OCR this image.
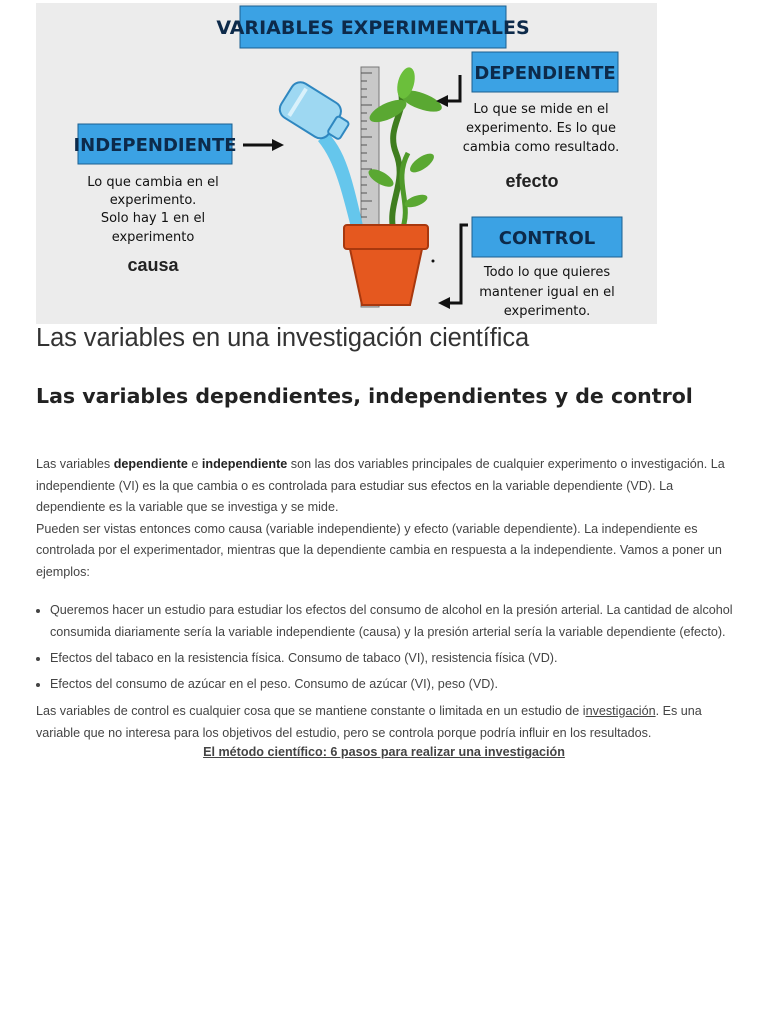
VARIABLES EXPERIMENTALES
INDEPENDIENTE
Lo que cambia en el
experimento.
Solo hay 1 en el
experimento
causa
DEPENDIENTE
Lo que se mide en el
experimento. Es lo que
cambia como resultado.
efecto
CONTROL
Todo lo que quieres
mantener igual en el
experimento.
Las variables en una investigación científica
Las variables dependientes, independientes y de control

Las variables dependiente e independiente son las dos variables principales de cualquier experimento o investigación. La independiente (VI) es la que cambia o es controlada para estudiar sus efectos en la variable dependiente (VD). La dependiente es la variable que se investiga y se mide.
Pueden ser vistas entonces como causa (variable independiente) y efecto (variable dependiente). La independiente es controlada por el experimentador, mientras que la dependiente cambia en respuesta a la independiente. Vamos a poner un ejemplos:

• Queremos hacer un estudio para estudiar los efectos del consumo de alcohol en la presión arterial. La cantidad de alcohol consumida diariamente sería la variable independiente (causa) y la presión arterial sería la variable dependiente (efecto).
• Efectos del tabaco en la resistencia física. Consumo de tabaco (VI), resistencia física (VD).
• Efectos del consumo de azúcar en el peso. Consumo de azúcar (VI), peso (VD).

Las variables de control es cualquier cosa que se mantiene constante o limitada en un estudio de investigación. Es una variable que no interesa para los objetivos del estudio, pero se controla porque podría influir en los resultados.

El método científico: 6 pasos para realizar una investigación
